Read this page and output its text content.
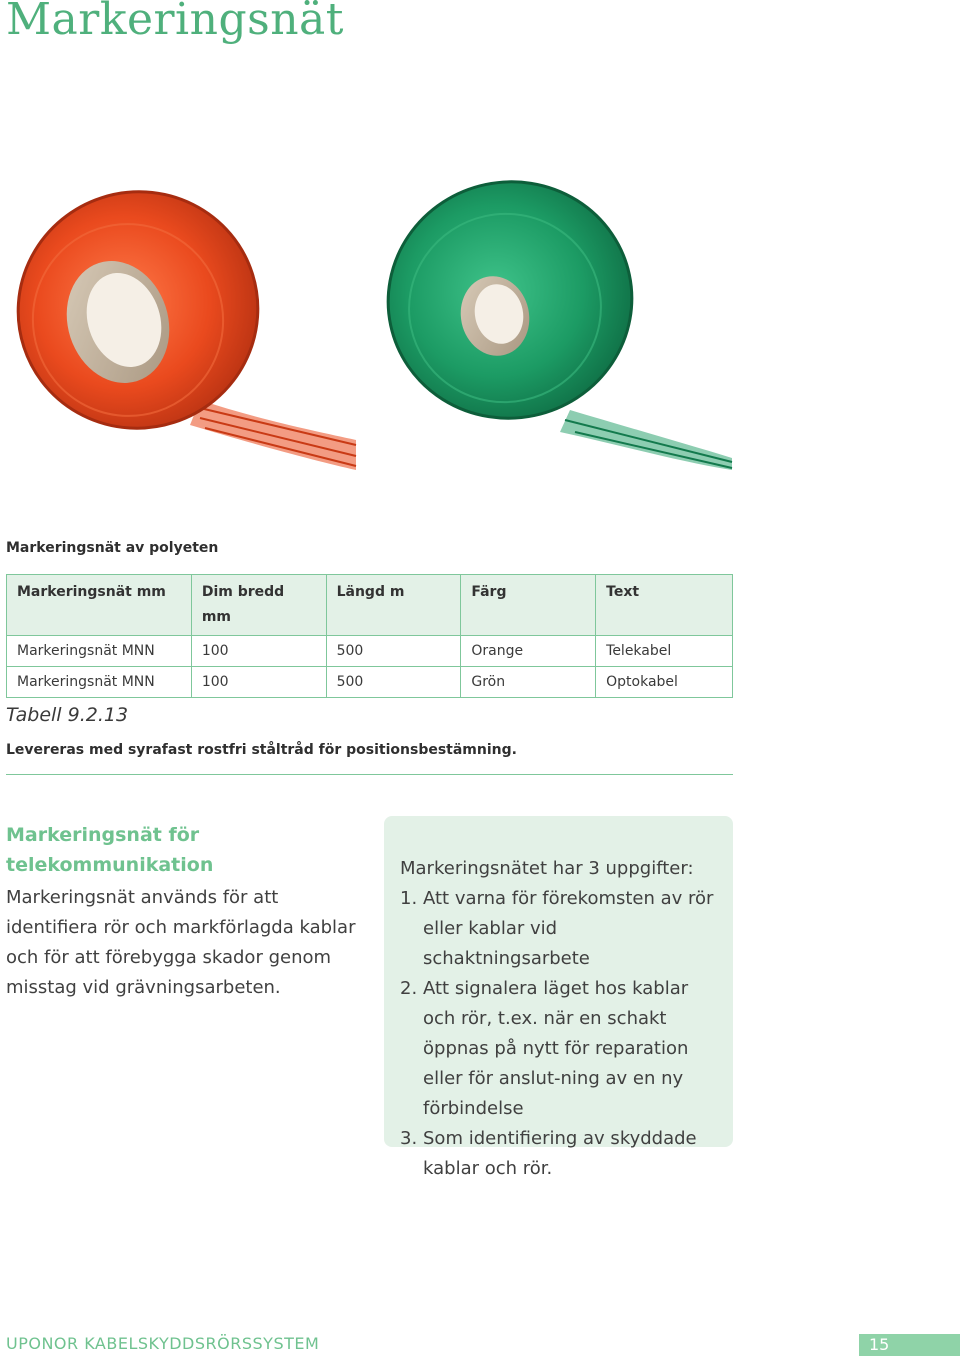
Markeringsnät
Markeringsnät av polyeten
Markeringsnät mm	Dim bredd mm	Längd m	Färg	Text
Markeringsnät MNN	100	500	Orange	Telekabel
Markeringsnät MNN	100	500	Grön	Optokabel
Tabell 9.2.13
Levereras med syrafast rostfri ståltråd för positionsbestämning.
Markeringsnät för telekommunikation

Markeringsnät används för att identifiera rör och markförlagda kablar och för att förebygga skador genom misstag vid grävningsarbeten.

Markeringsnätet har 3 uppgifter:

1. Att varna för förekomsten av rör eller kablar vid schaktningsarbete
2. Att signalera läget hos kablar och rör, t.ex. när en schakt öppnas på nytt för reparation eller för anslut-ning av en ny förbindelse
3. Som identifiering av skyddade kablar och rör.
UPONOR KABELSKYDDSRÖRSSYSTEM	15
